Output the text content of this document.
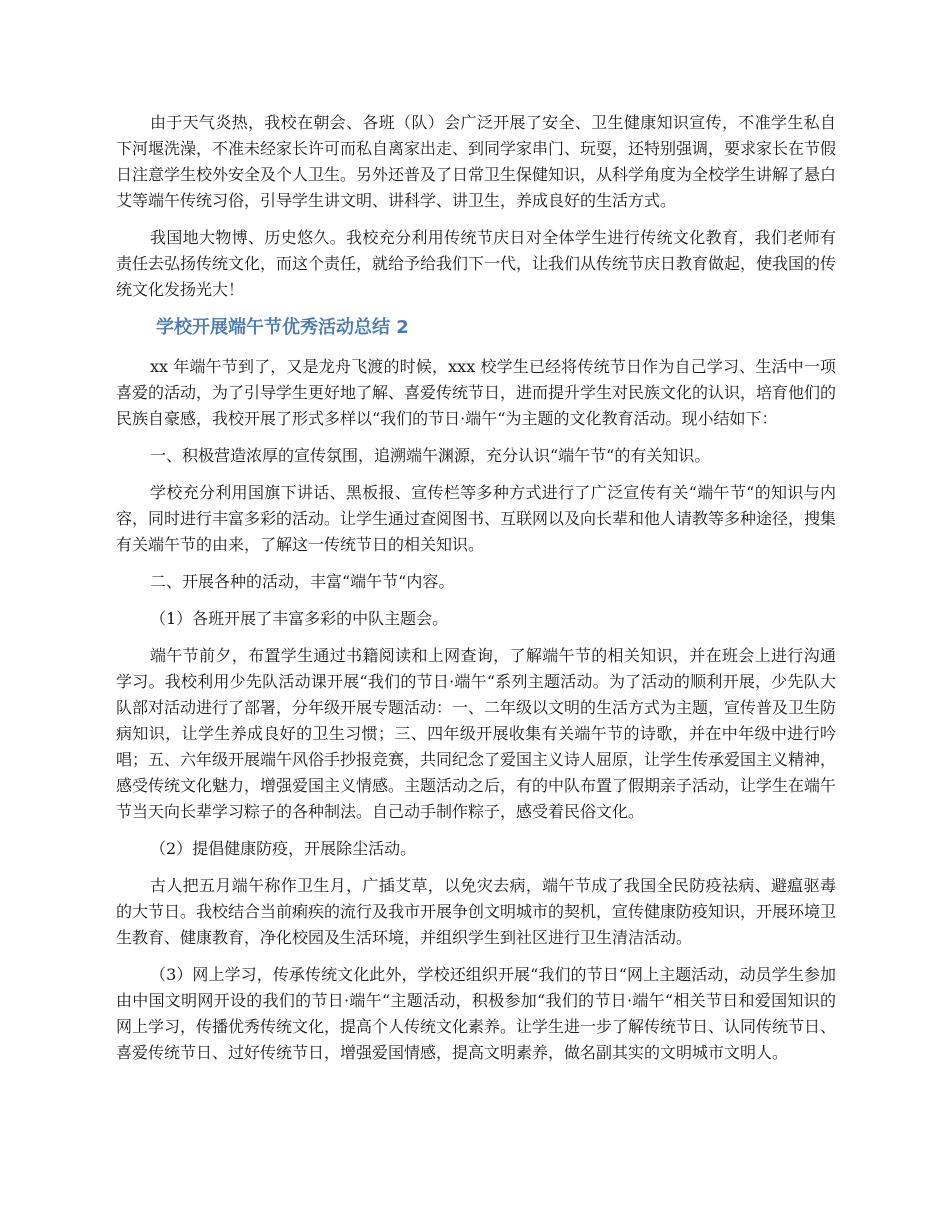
由于天气炎热，我校在朝会、各班（队）会广泛开展了安全、卫生健康知识宣传，不准学生私自下河堰洗澡，不准未经家长许可而私自离家出走、到同学家串门、玩耍，还特别强调，要求家长在节假日注意学生校外安全及个人卫生。另外还普及了日常卫生保健知识，从科学角度为全校学生讲解了悬白艾等端午传统习俗，引导学生讲文明、讲科学、讲卫生，养成良好的生活方式。

我国地大物博、历史悠久。我校充分利用传统节庆日对全体学生进行传统文化教育，我们老师有责任去弘扬传统文化，而这个责任，就给予给我们下一代，让我们从传统节庆日教育做起，使我国的传统文化发扬光大！

学校开展端午节优秀活动总结 2

xx 年端午节到了，又是龙舟飞渡的时候，xxx 校学生已经将传统节日作为自己学习、生活中一项喜爱的活动，为了引导学生更好地了解、喜爱传统节日，进而提升学生对民族文化的认识，培育他们的民族自豪感，我校开展了形式多样以“我们的节日·端午“为主题的文化教育活动。现小结如下：

一、积极营造浓厚的宣传氛围，追溯端午渊源，充分认识“端午节“的有关知识。

学校充分利用国旗下讲话、黑板报、宣传栏等多种方式进行了广泛宣传有关“端午节“的知识与内容，同时进行丰富多彩的活动。让学生通过查阅图书、互联网以及向长辈和他人请教等多种途径，搜集有关端午节的由来，了解这一传统节日的相关知识。

二、开展各种的活动，丰富“端午节“内容。

（1）各班开展了丰富多彩的中队主题会。

端午节前夕，布置学生通过书籍阅读和上网查询，了解端午节的相关知识，并在班会上进行沟通学习。我校利用少先队活动课开展“我们的节日·端午“系列主题活动。为了活动的顺利开展，少先队大队部对活动进行了部署，分年级开展专题活动：一、二年级以文明的生活方式为主题，宣传普及卫生防病知识，让学生养成良好的卫生习惯；三、四年级开展收集有关端午节的诗歌，并在中年级中进行吟唱；五、六年级开展端午风俗手抄报竞赛，共同纪念了爱国主义诗人屈原，让学生传承爱国主义精神，感受传统文化魅力，增强爱国主义情感。主题活动之后，有的中队布置了假期亲子活动，让学生在端午节当天向长辈学习粽子的各种制法。自己动手制作粽子，感受着民俗文化。

（2）提倡健康防疫，开展除尘活动。

古人把五月端午称作卫生月，广插艾草，以免灾去病，端午节成了我国全民防疫祛病、避瘟驱毒的大节日。我校结合当前痢疾的流行及我市开展争创文明城市的契机，宣传健康防疫知识，开展环境卫生教育、健康教育，净化校园及生活环境，并组织学生到社区进行卫生清洁活动。

（3）网上学习，传承传统文化此外，学校还组织开展“我们的节日“网上主题活动，动员学生参加由中国文明网开设的我们的节日·端午“主题活动，积极参加“我们的节日·端午“相关节日和爱国知识的网上学习，传播优秀传统文化，提高个人传统文化素养。让学生进一步了解传统节日、认同传统节日、喜爱传统节日、过好传统节日，增强爱国情感，提高文明素养，做名副其实的文明城市文明人。
